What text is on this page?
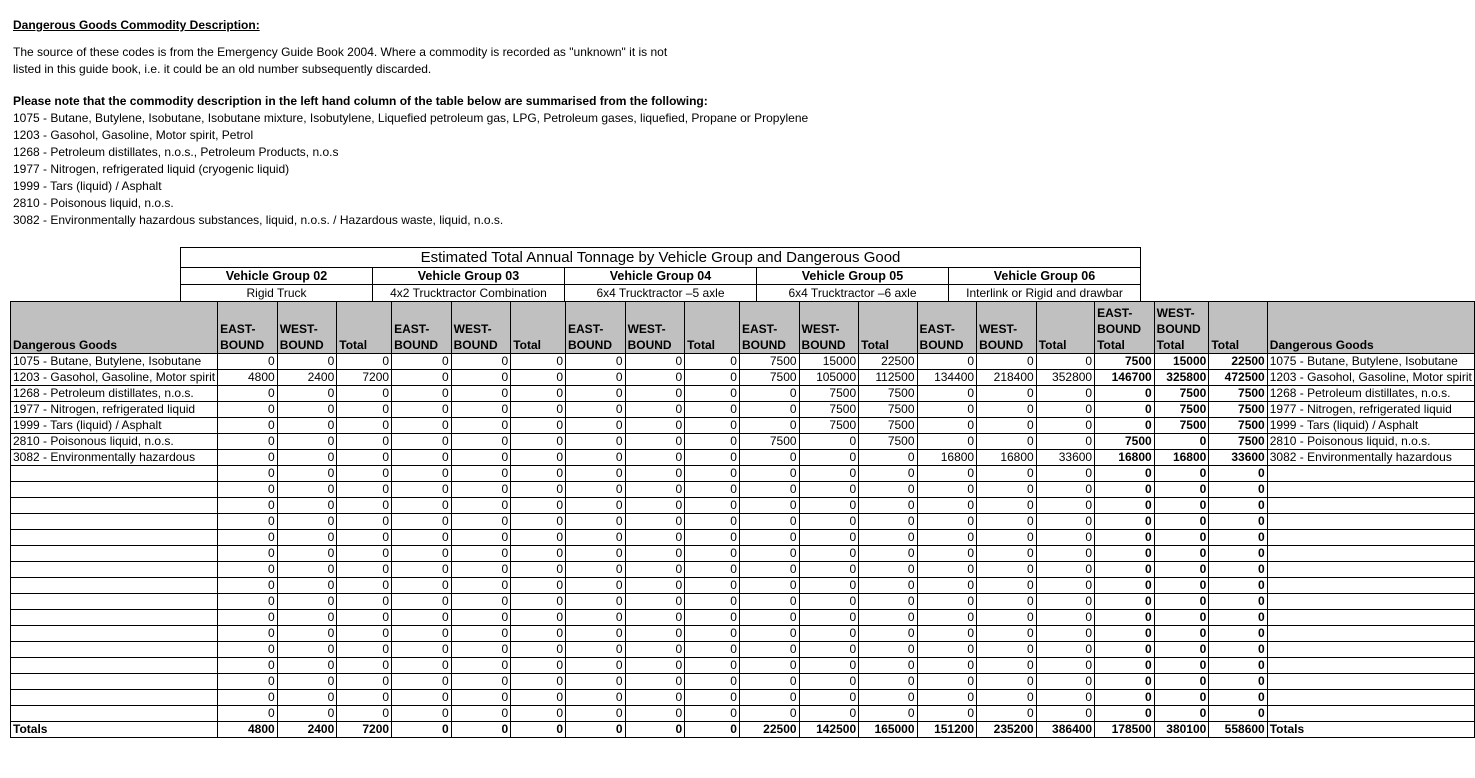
Dangerous Goods Commodity Description:
The source of these codes is from the Emergency Guide Book 2004. Where a commodity is recorded as "unknown" it is not
listed in this guide book, i.e. it could be an old number subsequently discarded.
Please note that the commodity description in the left hand column of the table below are summarised from the following:
1075 - Butane, Butylene, Isobutane, Isobutane mixture, Isobutylene, Liquefied petroleum gas, LPG, Petroleum gases, liquefied, Propane or Propylene
1203 - Gasohol, Gasoline, Motor spirit, Petrol
1268 - Petroleum distillates, n.o.s., Petroleum Products, n.o.s
1977 - Nitrogen, refrigerated liquid (cryogenic liquid)
1999 - Tars (liquid) / Asphalt
2810 - Poisonous liquid, n.o.s.
3082 - Environmentally hazardous substances, liquid, n.o.s. / Hazardous waste, liquid, n.o.s.
Estimated Total Annual Tonnage by Vehicle Group and Dangerous Good
Vehicle Group 02	Vehicle Group 03	Vehicle Group 04	Vehicle Group 05	Vehicle Group 06
Rigid Truck	4x2 Trucktractor Combination	6x4 Trucktractor –5 axle	6x4 Trucktractor –6 axle	Interlink or Rigid and drawbar
Dangerous Goods	EAST-BOUND	WEST-BOUND	Total	EAST-BOUND	WEST-BOUND	Total	EAST-BOUND	WEST-BOUND	Total	EAST-BOUND	WEST-BOUND	Total	EAST-BOUND	WEST-BOUND	Total	EAST-BOUND Total	WEST-BOUND Total	Total	Dangerous Goods
1075 - Butane, Butylene, Isobutane	0	0	0	0	0	0	0	0	0	7500	15000	22500	0	0	0	7500	15000	22500	1075 - Butane, Butylene, Isobutane
1203 - Gasohol, Gasoline, Motor spirit	4800	2400	7200	0	0	0	0	0	0	7500	105000	112500	134400	218400	352800	146700	325800	472500	1203 - Gasohol, Gasoline, Motor spirit
1268 - Petroleum distillates, n.o.s.	0	0	0	0	0	0	0	0	0	0	7500	7500	0	0	0	0	7500	7500	1268 - Petroleum distillates, n.o.s.
1977 - Nitrogen, refrigerated liquid	0	0	0	0	0	0	0	0	0	0	7500	7500	0	0	0	0	7500	7500	1977 - Nitrogen, refrigerated liquid
1999 - Tars (liquid) / Asphalt	0	0	0	0	0	0	0	0	0	0	7500	7500	0	0	0	0	7500	7500	1999 - Tars (liquid) / Asphalt
2810 - Poisonous liquid, n.o.s.	0	0	0	0	0	0	0	0	0	7500	0	7500	0	0	0	7500	0	7500	2810 - Poisonous liquid, n.o.s.
3082 - Environmentally hazardous	0	0	0	0	0	0	0	0	0	0	0	0	16800	16800	33600	16800	16800	33600	3082 - Environmentally hazardous
	0	0	0	0	0	0	0	0	0	0	0	0	0	0	0	0	0	0	
	0	0	0	0	0	0	0	0	0	0	0	0	0	0	0	0	0	0	
	0	0	0	0	0	0	0	0	0	0	0	0	0	0	0	0	0	0	
	0	0	0	0	0	0	0	0	0	0	0	0	0	0	0	0	0	0	
	0	0	0	0	0	0	0	0	0	0	0	0	0	0	0	0	0	0	
	0	0	0	0	0	0	0	0	0	0	0	0	0	0	0	0	0	0	
	0	0	0	0	0	0	0	0	0	0	0	0	0	0	0	0	0	0	
	0	0	0	0	0	0	0	0	0	0	0	0	0	0	0	0	0	0	
	0	0	0	0	0	0	0	0	0	0	0	0	0	0	0	0	0	0	
	0	0	0	0	0	0	0	0	0	0	0	0	0	0	0	0	0	0	
	0	0	0	0	0	0	0	0	0	0	0	0	0	0	0	0	0	0	
	0	0	0	0	0	0	0	0	0	0	0	0	0	0	0	0	0	0	
	0	0	0	0	0	0	0	0	0	0	0	0	0	0	0	0	0	0	
	0	0	0	0	0	0	0	0	0	0	0	0	0	0	0	0	0	0	
	0	0	0	0	0	0	0	0	0	0	0	0	0	0	0	0	0	0	
	0	0	0	0	0	0	0	0	0	0	0	0	0	0	0	0	0	0	
Totals	4800	2400	7200	0	0	0	0	0	0	22500	142500	165000	151200	235200	386400	178500	380100	558600	Totals
